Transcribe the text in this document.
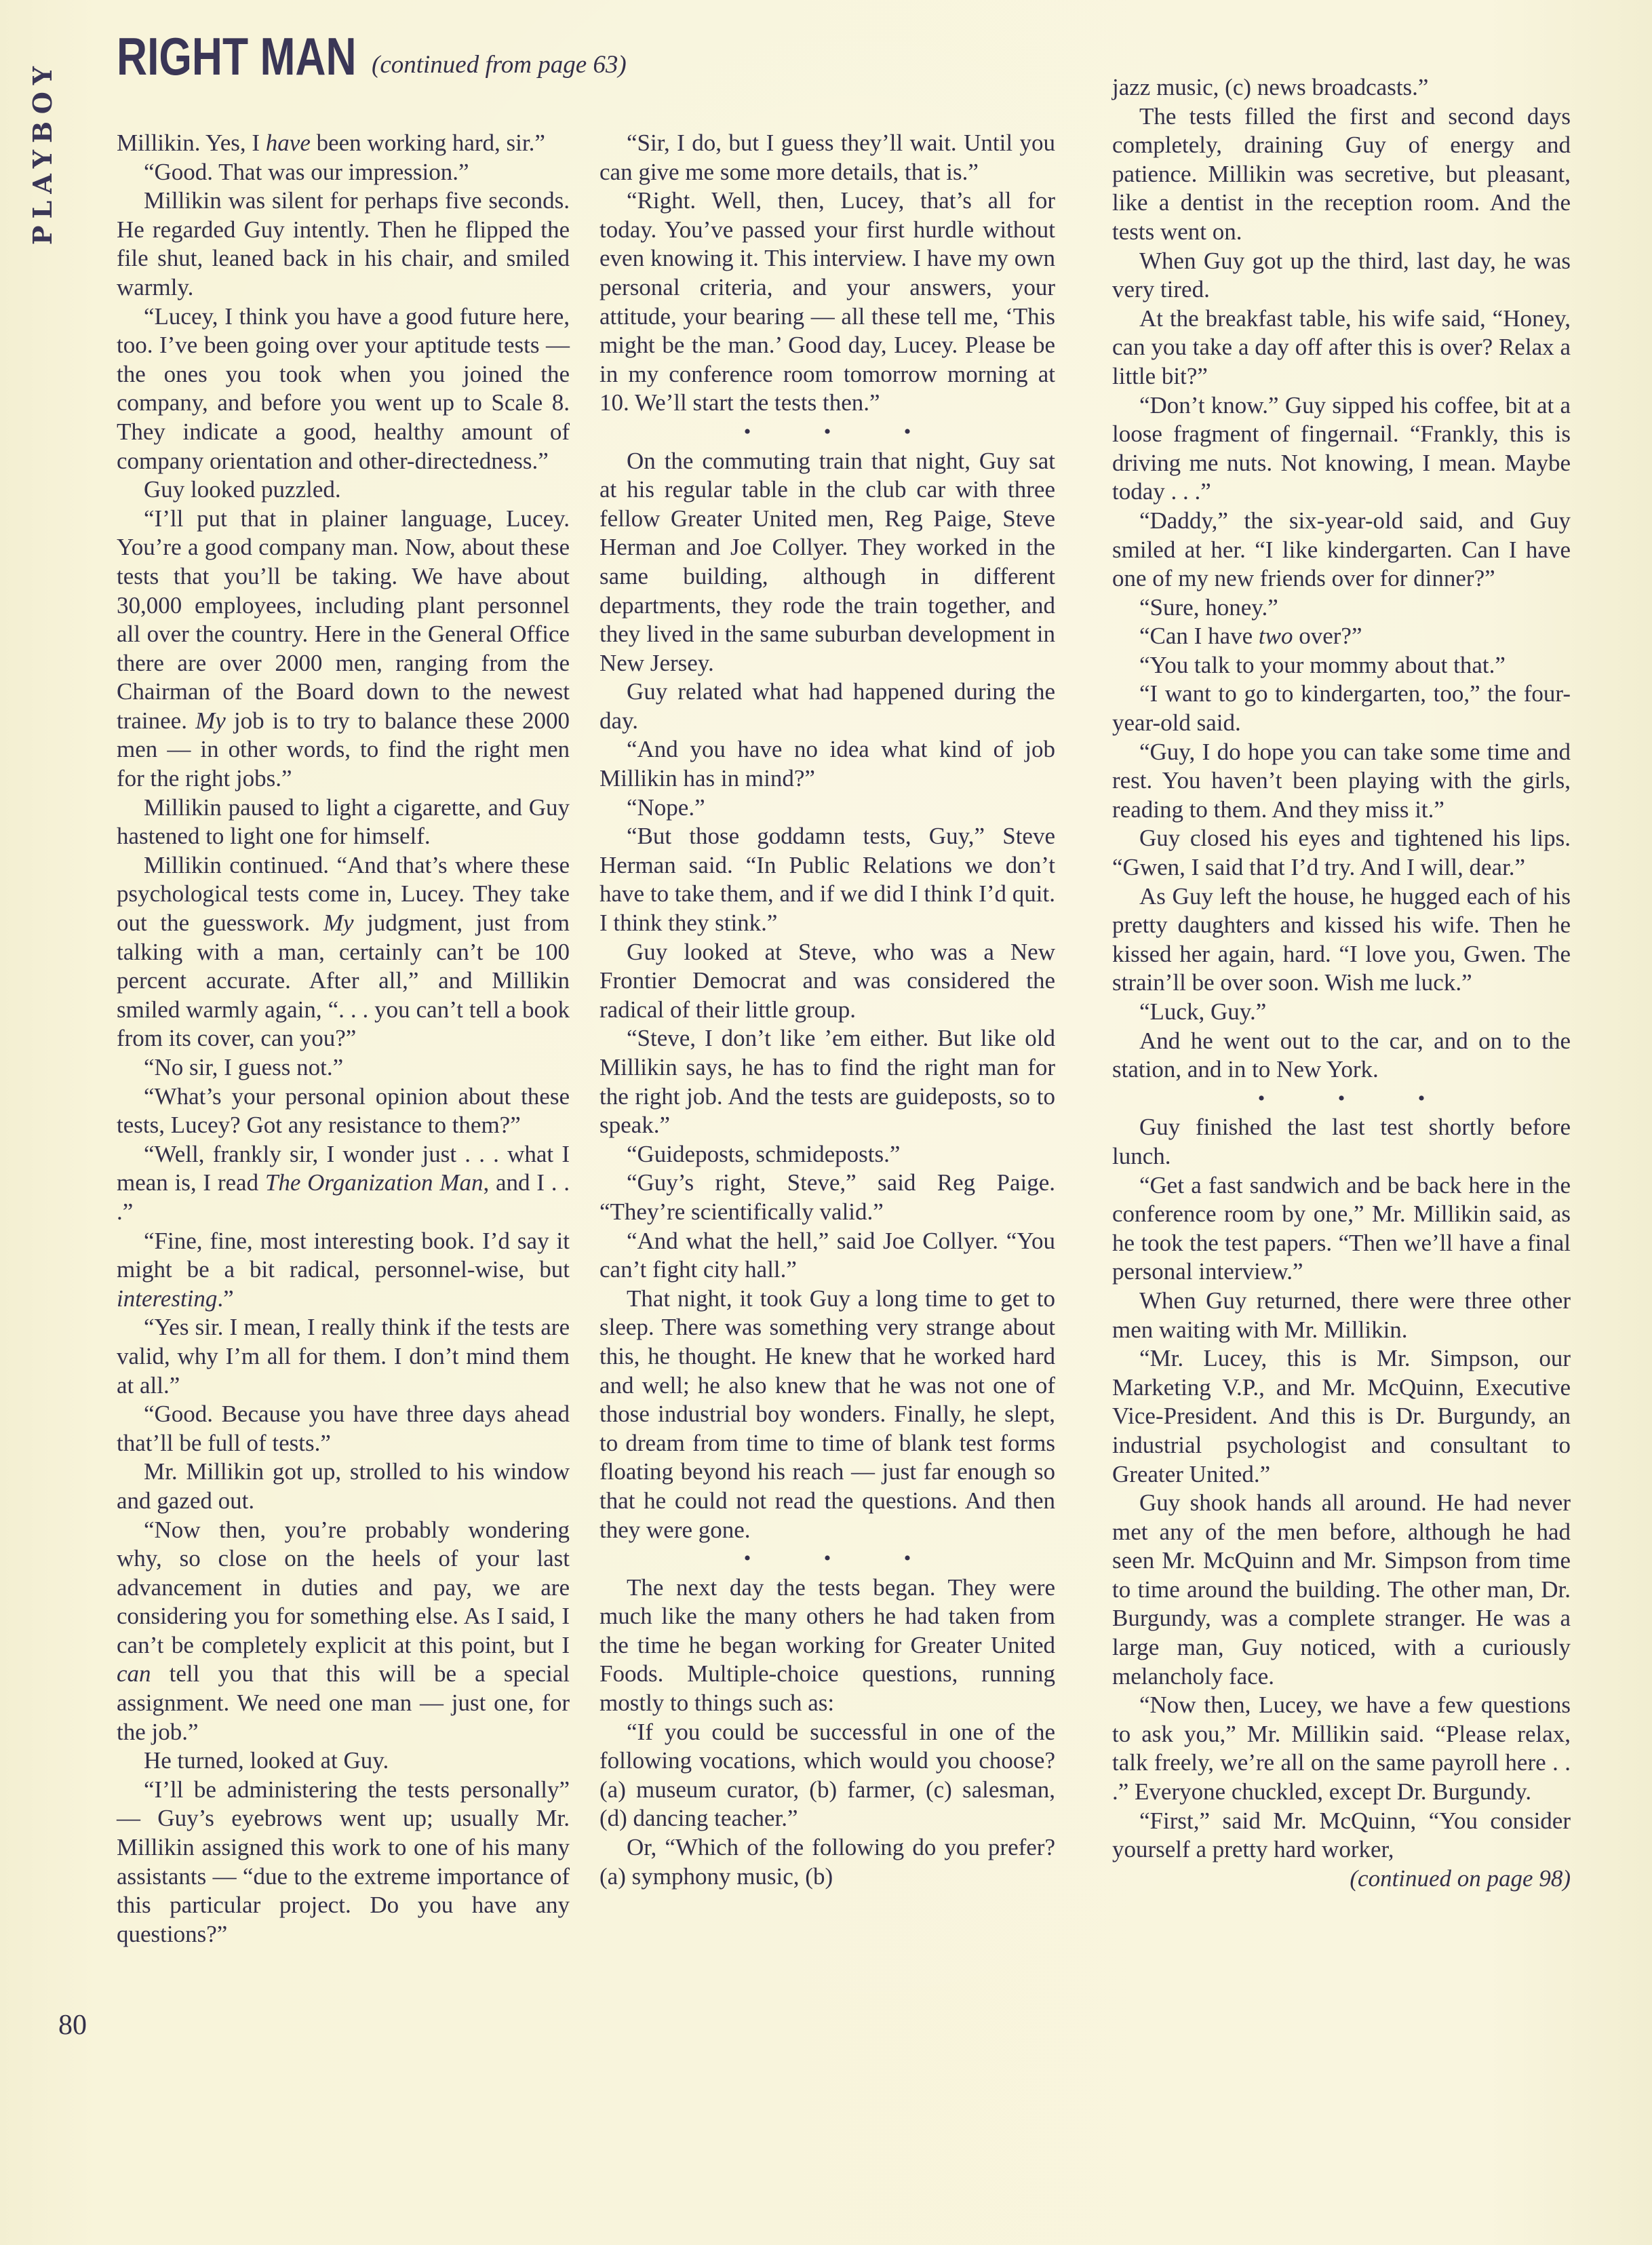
PLAYBOY
RIGHT MAN (continued from page 63)
Millikin. Yes, I have been working hard, sir.”
“Good. That was our impression.”
Millikin was silent for perhaps five seconds. He regarded Guy intently. Then he flipped the file shut, leaned back in his chair, and smiled warmly.
“Lucey, I think you have a good future here, too. I’ve been going over your aptitude tests — the ones you took when you joined the company, and before you went up to Scale 8. They indicate a good, healthy amount of company orientation and other-directedness.”
Guy looked puzzled.
“I’ll put that in plainer language, Lucey. You’re a good company man. Now, about these tests that you’ll be taking. We have about 30,000 employees, including plant personnel all over the country. Here in the General Office there are over 2000 men, ranging from the Chairman of the Board down to the newest trainee. My job is to try to balance these 2000 men — in other words, to find the right men for the right jobs.”
Millikin paused to light a cigarette, and Guy hastened to light one for himself.
Millikin continued. “And that’s where these psychological tests come in, Lucey. They take out the guesswork. My judgment, just from talking with a man, certainly can’t be 100 percent accurate. After all,” and Millikin smiled warmly again, “. . . you can’t tell a book from its cover, can you?”
“No sir, I guess not.”
“What’s your personal opinion about these tests, Lucey? Got any resistance to them?”
“Well, frankly sir, I wonder just . . . what I mean is, I read The Organization Man, and I . . .”
“Fine, fine, most interesting book. I’d say it might be a bit radical, personnel-wise, but interesting.”
“Yes sir. I mean, I really think if the tests are valid, why I’m all for them. I don’t mind them at all.”
“Good. Because you have three days ahead that’ll be full of tests.”
Mr. Millikin got up, strolled to his window and gazed out.
“Now then, you’re probably wondering why, so close on the heels of your last advancement in duties and pay, we are considering you for something else. As I said, I can’t be completely explicit at this point, but I can tell you that this will be a special assignment. We need one man — just one, for the job.”
He turned, looked at Guy.
“I’ll be administering the tests personally” — Guy’s eyebrows went up; usually Mr. Millikin assigned this work to one of his many assistants — “due to the extreme importance of this particular project. Do you have any questions?”
“Sir, I do, but I guess they’ll wait. Until you can give me some more details, that is.”
“Right. Well, then, Lucey, that’s all for today. You’ve passed your first hurdle without even knowing it. This interview. I have my own personal criteria, and your answers, your attitude, your bearing — all these tell me, ‘This might be the man.’ Good day, Lucey. Please be in my conference room tomorrow morning at 10. We’ll start the tests then.”
• • •
On the commuting train that night, Guy sat at his regular table in the club car with three fellow Greater United men, Reg Paige, Steve Herman and Joe Collyer. They worked in the same building, although in different departments, they rode the train together, and they lived in the same suburban development in New Jersey.
Guy related what had happened during the day.
“And you have no idea what kind of job Millikin has in mind?”
“Nope.”
“But those goddamn tests, Guy,” Steve Herman said. “In Public Relations we don’t have to take them, and if we did I think I’d quit. I think they stink.”
Guy looked at Steve, who was a New Frontier Democrat and was considered the radical of their little group.
“Steve, I don’t like ’em either. But like old Millikin says, he has to find the right man for the right job. And the tests are guideposts, so to speak.”
“Guideposts, schmideposts.”
“Guy’s right, Steve,” said Reg Paige. “They’re scientifically valid.”
“And what the hell,” said Joe Collyer. “You can’t fight city hall.”
That night, it took Guy a long time to get to sleep. There was something very strange about this, he thought. He knew that he worked hard and well; he also knew that he was not one of those industrial boy wonders. Finally, he slept, to dream from time to time of blank test forms floating beyond his reach — just far enough so that he could not read the questions. And then they were gone.
• • •
The next day the tests began. They were much like the many others he had taken from the time he began working for Greater United Foods. Multiple-choice questions, running mostly to things such as:
“If you could be successful in one of the following vocations, which would you choose? (a) museum curator, (b) farmer, (c) salesman, (d) dancing teacher.”
Or, “Which of the following do you prefer? (a) symphony music, (b)
jazz music, (c) news broadcasts.”
The tests filled the first and second days completely, draining Guy of energy and patience. Millikin was secretive, but pleasant, like a dentist in the reception room. And the tests went on.
When Guy got up the third, last day, he was very tired.
At the breakfast table, his wife said, “Honey, can you take a day off after this is over? Relax a little bit?”
“Don’t know.” Guy sipped his coffee, bit at a loose fragment of fingernail. “Frankly, this is driving me nuts. Not knowing, I mean. Maybe today . . .”
“Daddy,” the six-year-old said, and Guy smiled at her. “I like kindergarten. Can I have one of my new friends over for dinner?”
“Sure, honey.”
“Can I have two over?”
“You talk to your mommy about that.”
“I want to go to kindergarten, too,” the four-year-old said.
“Guy, I do hope you can take some time and rest. You haven’t been playing with the girls, reading to them. And they miss it.”
Guy closed his eyes and tightened his lips. “Gwen, I said that I’d try. And I will, dear.”
As Guy left the house, he hugged each of his pretty daughters and kissed his wife. Then he kissed her again, hard. “I love you, Gwen. The strain’ll be over soon. Wish me luck.”
“Luck, Guy.”
And he went out to the car, and on to the station, and in to New York.
• • •
Guy finished the last test shortly before lunch.
“Get a fast sandwich and be back here in the conference room by one,” Mr. Millikin said, as he took the test papers. “Then we’ll have a final personal interview.”
When Guy returned, there were three other men waiting with Mr. Millikin.
“Mr. Lucey, this is Mr. Simpson, our Marketing V.P., and Mr. McQuinn, Executive Vice-President. And this is Dr. Burgundy, an industrial psychologist and consultant to Greater United.”
Guy shook hands all around. He had never met any of the men before, although he had seen Mr. McQuinn and Mr. Simpson from time to time around the building. The other man, Dr. Burgundy, was a complete stranger. He was a large man, Guy noticed, with a curiously melancholy face.
“Now then, Lucey, we have a few questions to ask you,” Mr. Millikin said. “Please relax, talk freely, we’re all on the same payroll here . . .” Everyone chuckled, except Dr. Burgundy.
“First,” said Mr. McQuinn, “You consider yourself a pretty hard worker,
(continued on page 98)
80
